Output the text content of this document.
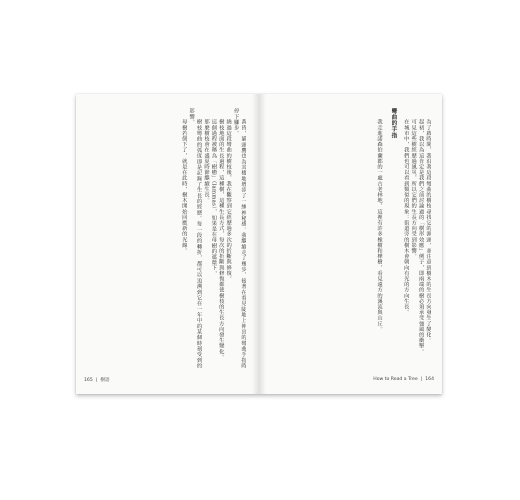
黃昏，貓頭鷹也為其棲地增添了一絲神秘感。我繼續走了幾步，接著在看見陡地上伸出的彎曲手指時停下腳步。

繞過這段彎曲的樹枝後，我在觀察到它經歷過多次的折斷與修復。

樹枝地面的生長過程，這種樹，這種生長方式，每次的折斷與修復都使樹枝的生長方向發生變化。

這個過程被稱為「樹癒」（lammas），如果是在母樹的遮蔭下，

那麼樹枝會在盛夏時節繼續生長。

樹枝彎曲的弧度即是記錄了生長的經歷。每一段的轉折，都可以追溯到它在一年中的某個時刻受到的影響。

母樹若倒下了，就是在此時，樹木開始回應新的光線。

165 | 樹語

為了啟時間，我沿著這段彎曲的樹枝尋找它的源頭，並注意到樹木的生長方向發生了變化。

起初，我以為這肯定是我們之前討論過的「樹形效應」例子，即兩端的樹必須承受強風的衝擊。

可見這些樹經歷過風災，所以它們的生長方向受到影響。

在城市中，我們也可以看到類似的現象：街道旁的樹木會朝向有光的方向生長。

彎曲的手指

我走進諾森伯蘭郡的一處古老林地，這裡有許多橡樹和樺樹，看見遠方的溪流與山丘。

How to Read a Tree | 164
